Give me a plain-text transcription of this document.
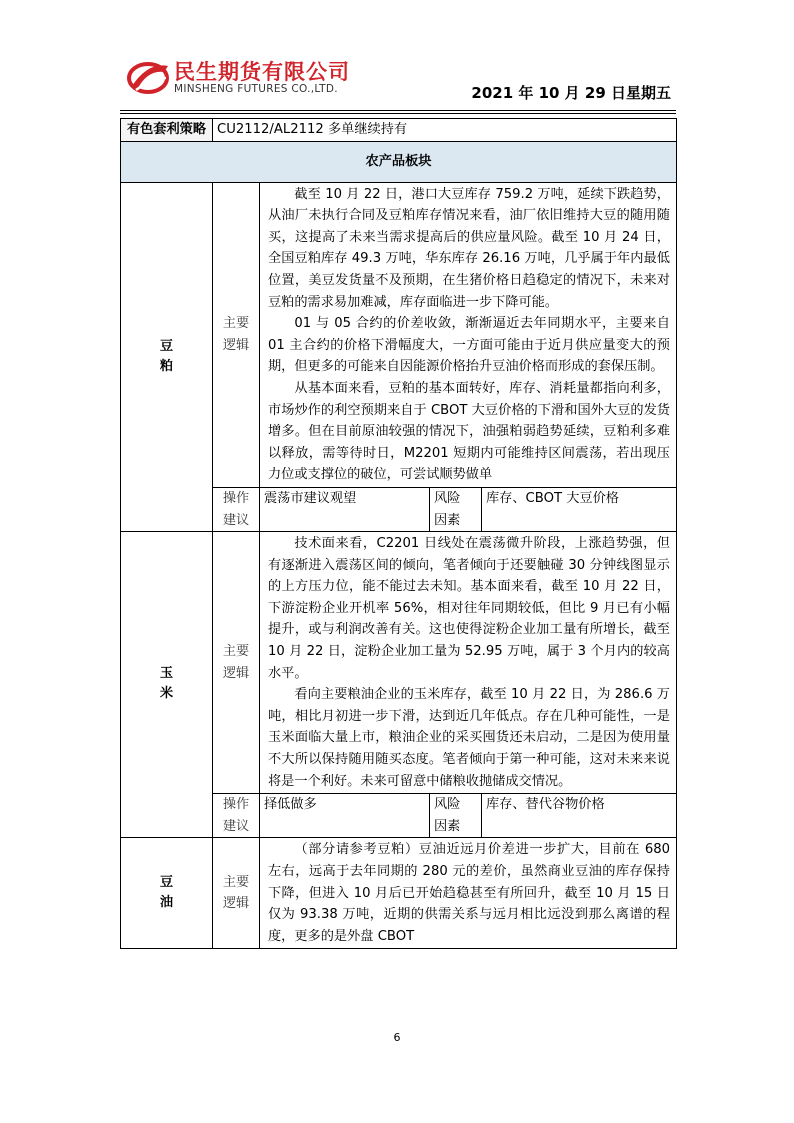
民生期货有限公司
MINSHENG FUTURES CO.,LTD.	2021 年 10 月 29 日星期五
有色套利策略	CU2112/AL2112 多单继续持有			
农产品板块				
豆粕	主要逻辑	截至 10 月 22 日，港口大豆库存 759.2 万吨，延续下跌趋势，从油厂未执行合同及豆粕库存情况来看，油厂依旧维持大豆的随用随买，这提高了未来当需求提高后的供应量风险。截至 10 月 24 日，全国豆粕库存 49.3 万吨，华东库存 26.16 万吨，几乎属于年内最低位置，美豆发货量不及预期，在生猪价格日趋稳定的情况下，未来对豆粕的需求易加难减，库存面临进一步下降可能。

01 与 05 合约的价差收敛，渐渐逼近去年同期水平，主要来自 01 主合约的价格下滑幅度大，一方面可能由于近月供应量变大的预期，但更多的可能来自因能源价格抬升豆油价格而形成的套保压制。

从基本面来看，豆粕的基本面转好，库存、消耗量都指向利多，市场炒作的利空预期来自于 CBOT 大豆价格的下滑和国外大豆的发货增多。但在目前原油较强的情况下，油强粕弱趋势延续，豆粕利多难以释放，需等待时日，M2201 短期内可能维持区间震荡，若出现压力位或支撑位的破位，可尝试顺势做单		

	操作建议	震荡市建议观望	风险因素	库存、CBOT 大豆价格
玉米	主要逻辑	技术面来看，C2201 日线处在震荡微升阶段，上涨趋势强，但有逐渐进入震荡区间的倾向，笔者倾向于还要触碰 30 分钟线图显示的上方压力位，能不能过去未知。基本面来看，截至 10 月 22 日，下游淀粉企业开机率 56%，相对往年同期较低，但比 9 月已有小幅提升，或与利润改善有关。这也使得淀粉企业加工量有所增长，截至 10 月 22 日，淀粉企业加工量为 52.95 万吨，属于 3 个月内的较高水平。

看向主要粮油企业的玉米库存，截至 10 月 22 日，为 286.6 万吨，相比月初进一步下滑，达到近几年低点。存在几种可能性，一是玉米面临大量上市，粮油企业的采买囤货还未启动，二是因为使用量不大所以保持随用随买态度。笔者倾向于第一种可能，这对未来来说将是一个利好。未来可留意中储粮收抛储成交情况。		

	操作建议	择低做多	风险因素	库存、替代谷物价格
豆油	主要逻辑	（部分请参考豆粕）豆油近远月价差进一步扩大，目前在 680 左右，远高于去年同期的 280 元的差价，虽然商业豆油的库存保持下降，但进入 10 月后已开始趋稳甚至有所回升，截至 10 月 15 日仅为 93.38 万吨，近期的供需关系与远月相比远没到那么离谱的程度，更多的是外盘 CBOT		

6
